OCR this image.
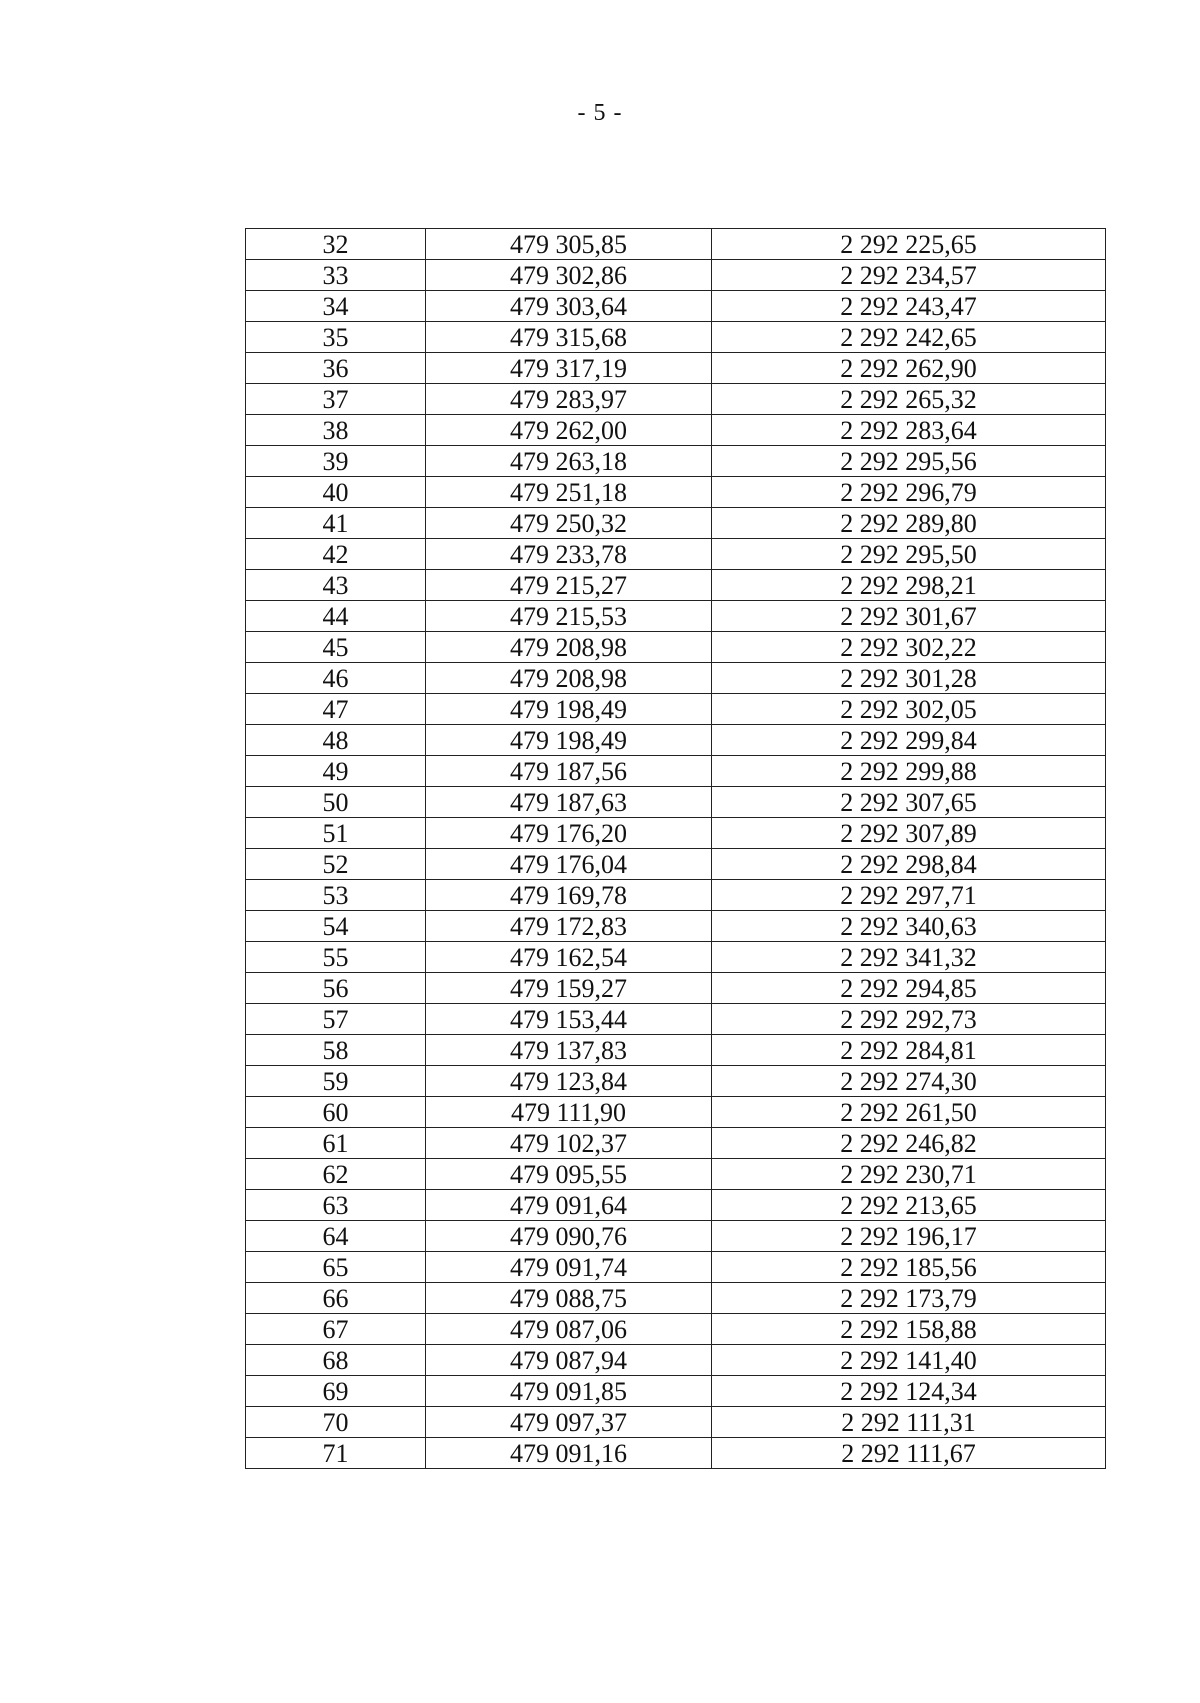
- 5 -
32	479 305,85	2 292 225,65
33	479 302,86	2 292 234,57
34	479 303,64	2 292 243,47
35	479 315,68	2 292 242,65
36	479 317,19	2 292 262,90
37	479 283,97	2 292 265,32
38	479 262,00	2 292 283,64
39	479 263,18	2 292 295,56
40	479 251,18	2 292 296,79
41	479 250,32	2 292 289,80
42	479 233,78	2 292 295,50
43	479 215,27	2 292 298,21
44	479 215,53	2 292 301,67
45	479 208,98	2 292 302,22
46	479 208,98	2 292 301,28
47	479 198,49	2 292 302,05
48	479 198,49	2 292 299,84
49	479 187,56	2 292 299,88
50	479 187,63	2 292 307,65
51	479 176,20	2 292 307,89
52	479 176,04	2 292 298,84
53	479 169,78	2 292 297,71
54	479 172,83	2 292 340,63
55	479 162,54	2 292 341,32
56	479 159,27	2 292 294,85
57	479 153,44	2 292 292,73
58	479 137,83	2 292 284,81
59	479 123,84	2 292 274,30
60	479 111,90	2 292 261,50
61	479 102,37	2 292 246,82
62	479 095,55	2 292 230,71
63	479 091,64	2 292 213,65
64	479 090,76	2 292 196,17
65	479 091,74	2 292 185,56
66	479 088,75	2 292 173,79
67	479 087,06	2 292 158,88
68	479 087,94	2 292 141,40
69	479 091,85	2 292 124,34
70	479 097,37	2 292 111,31
71	479 091,16	2 292 111,67
